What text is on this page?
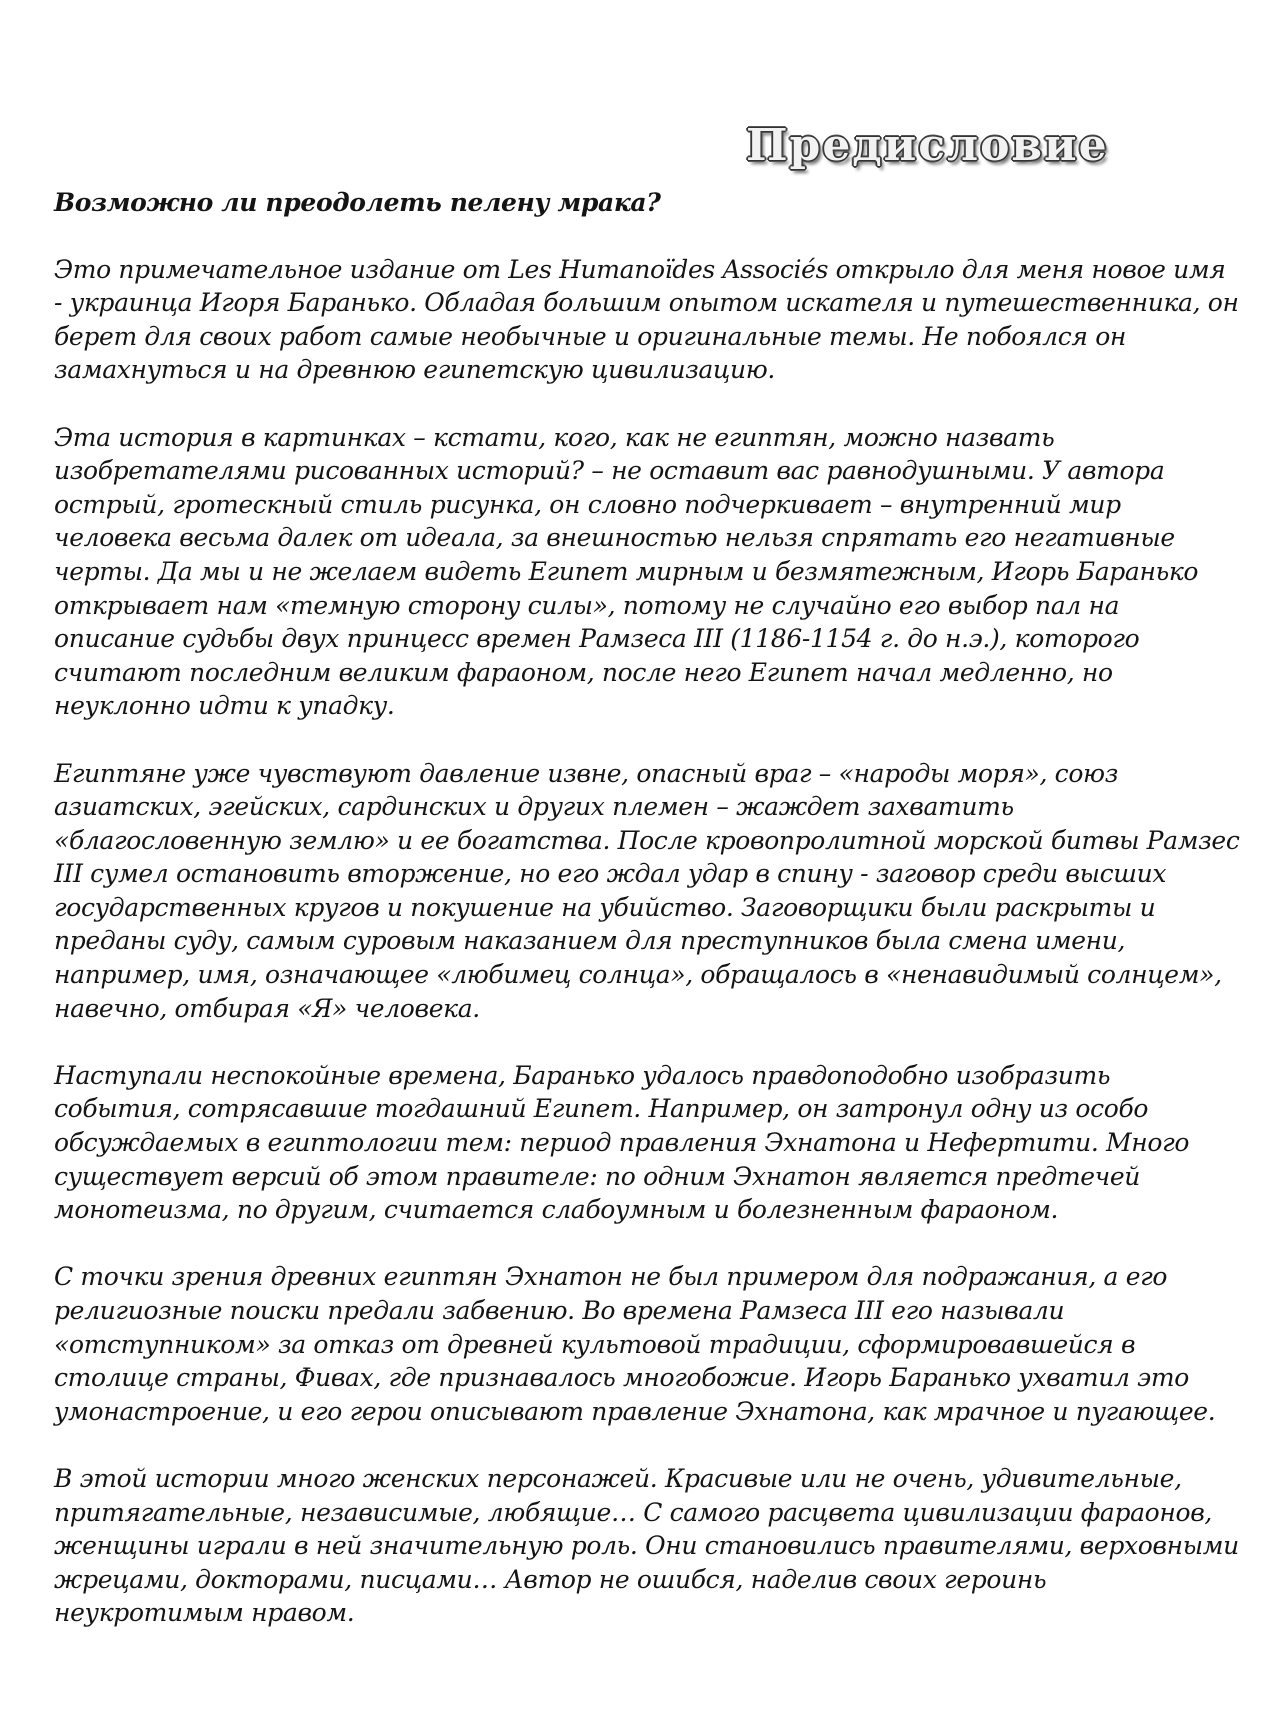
Предисловие
Возможно ли преодолеть пелену мрака?

Это примечательное издание от Les Humanoïdes Associés открыло для меня новое имя - украинца Игоря Баранько. Обладая большим опытом искателя и путешественника, он берет для своих работ самые необычные и оригинальные темы. Не побоялся он замахнуться и на древнюю египетскую цивилизацию.

Эта история в картинках – кстати, кого, как не египтян, можно назвать изобретателями рисованных историй? – не оставит вас равнодушными. У автора острый, гротескный стиль рисунка, он словно подчеркивает – внутренний мир человека весьма далек от идеала, за внешностью нельзя спрятать его негативные черты. Да мы и не желаем видеть Египет мирным и безмятежным, Игорь Баранько открывает нам «темную сторону силы», потому не случайно его выбор пал на описание судьбы двух принцесс времен Рамзеса III (1186-1154 г. до н.э.), которого считают последним великим фараоном, после него Египет начал медленно, но неуклонно идти к упадку.

Египтяне уже чувствуют давление извне, опасный враг – «народы моря», союз азиатских, эгейских, сардинских и других племен – жаждет захватить «благословенную землю» и ее богатства. После кровопролитной морской битвы Рамзес III сумел остановить вторжение, но его ждал удар в спину - заговор среди высших государственных кругов и покушение на убийство. Заговорщики были раскрыты и преданы суду, самым суровым наказанием для преступников была смена имени, например, имя, означающее «любимец солнца», обращалось в «ненавидимый солнцем», навечно, отбирая «Я» человека.

Наступали неспокойные времена, Баранько удалось правдоподобно изобразить события, сотрясавшие тогдашний Египет. Например, он затронул одну из особо обсуждаемых в египтологии тем: период правления Эхнатона и Нефертити. Много существует версий об этом правителе: по одним Эхнатон является предтечей монотеизма, по другим, считается слабоумным и болезненным фараоном.

С точки зрения древних египтян Эхнатон не был примером для подражания, а его религиозные поиски предали забвению. Во времена Рамзеса III его называли «отступником» за отказ от древней культовой традиции, сформировавшейся в столице страны, Фивах, где признавалось многобожие. Игорь Баранько ухватил это умонастроение, и его герои описывают правление Эхнатона, как мрачное и пугающее.

В этой истории много женских персонажей. Красивые или не очень, удивительные, притягательные, независимые, любящие… С самого расцвета цивилизации фараонов, женщины играли в ней значительную роль. Они становились правителями, верховными жрецами, докторами, писцами… Автор не ошибся, наделив своих героинь неукротимым нравом.
